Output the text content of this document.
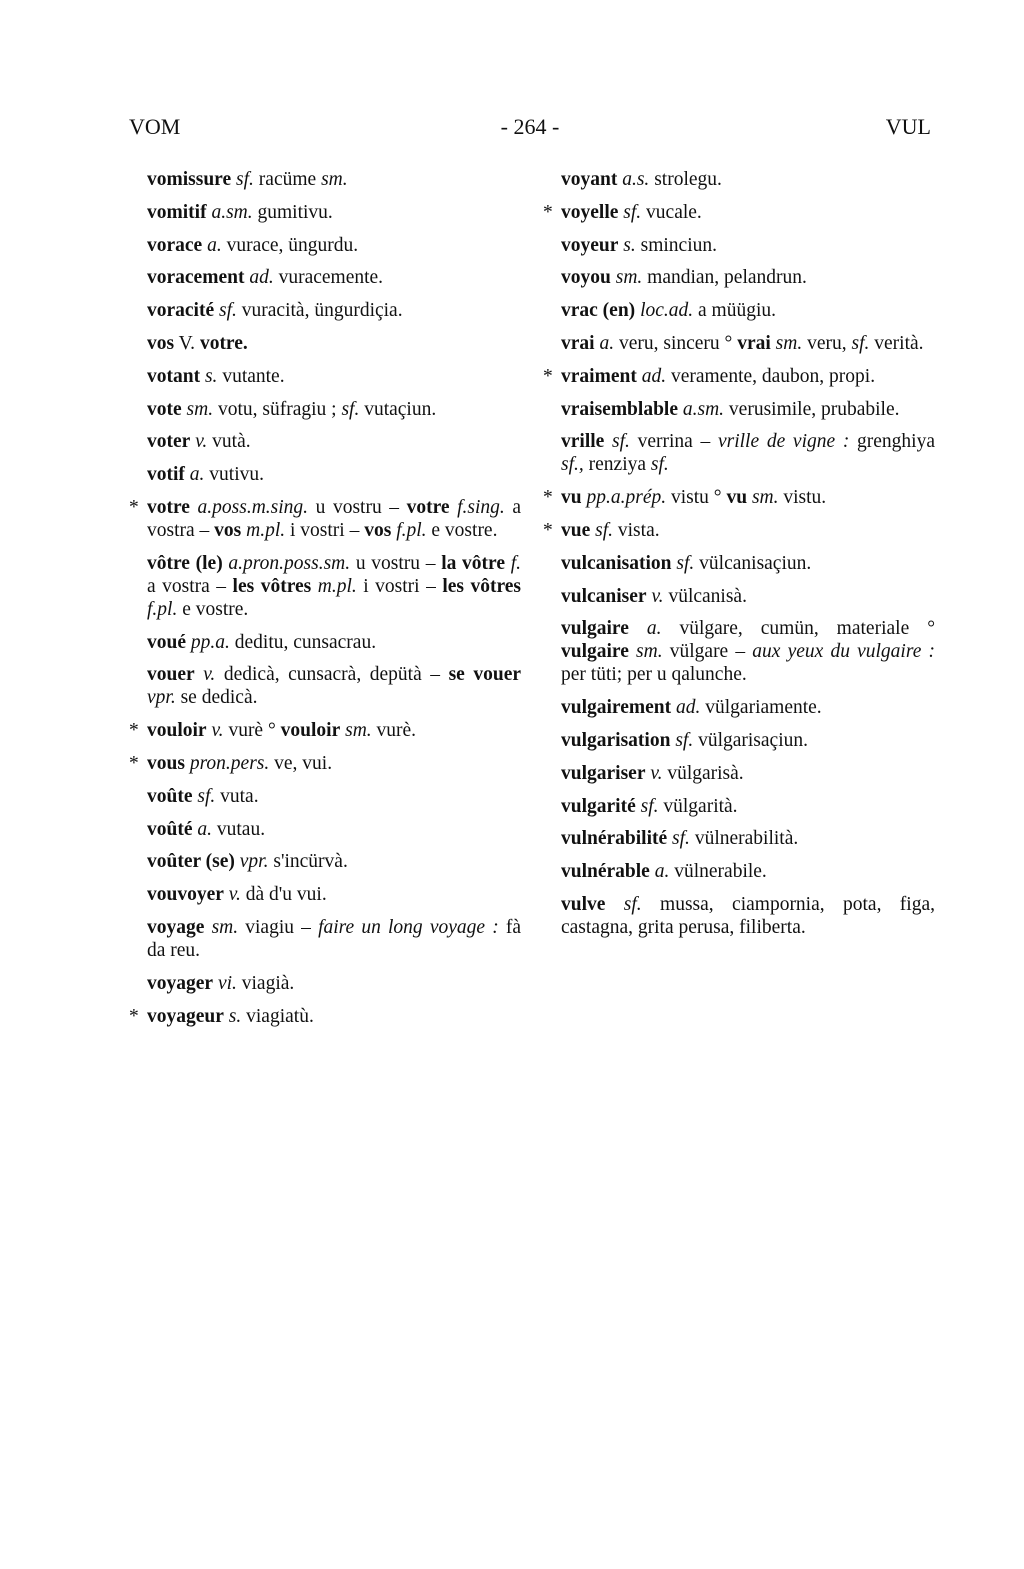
VOM	- 264 -	VUL
vomissure sf. racüme sm.
vomitif a.sm. gumitivu.
vorace a. vurace, üngurdu.
voracement ad. vuracemente.
voracité sf. vuracità, üngurdiçia.
vos V. votre.
votant s. vutante.
vote sm. votu, süfragiu ; sf. vutaçiun.
voter v. vutà.
votif a. vutivu.
* votre a.poss.m.sing. u vostru – votre f.sing. a vostra – vos m.pl. i vostri – vos f.pl. e vostre.
vôtre (le) a.pron.poss.sm. u vostru – la vôtre f. a vostra – les vôtres m.pl. i vostri – les vôtres f.pl. e vostre.
voué pp.a. deditu, cunsacrau.
vouer v. dedicà, cunsacrà, depütà – se vouer vpr. se dedicà.
* vouloir v. vurè ° vouloir sm. vurè.
* vous pron.pers. ve, vui.
voûte sf. vuta.
voûté a. vutau.
voûter (se) vpr. s'incürvà.
vouvoyer v. dà d'u vui.
voyage sm. viagiu – faire un long voyage : fà da reu.
voyager vi. viagià.
* voyageur s. viagiatù.
voyant a.s. strolegu.
* voyelle sf. vucale.
voyeur s. sminciun.
voyou sm. mandian, pelandrun.
vrac (en) loc.ad. a müügiu.
vrai a. veru, sinceru ° vrai sm. veru, sf. verità.
* vraiment ad. veramente, daubon, propi.
vraisemblable a.sm. verusimile, prubabile.
vrille sf. verrina – vrille de vigne : grenghiya sf., renziya sf.
* vu pp.a.prép. vistu ° vu sm. vistu.
* vue sf. vista.
vulcanisation sf. vülcanisaçiun.
vulcaniser v. vülcanisà.
vulgaire a. vülgare, cumün, materiale ° vulgaire sm. vülgare – aux yeux du vulgaire : per tüti; per u qalunche.
vulgairement ad. vülgariamente.
vulgarisation sf. vülgarisaçiun.
vulgariser v. vülgarisà.
vulgarité sf. vülgarità.
vulnérabilité sf. vülnerabilità.
vulnérable a. vülnerabile.
vulve sf. mussa, ciampornia, pota, figa, castagna, grita perusa, filiberta.
